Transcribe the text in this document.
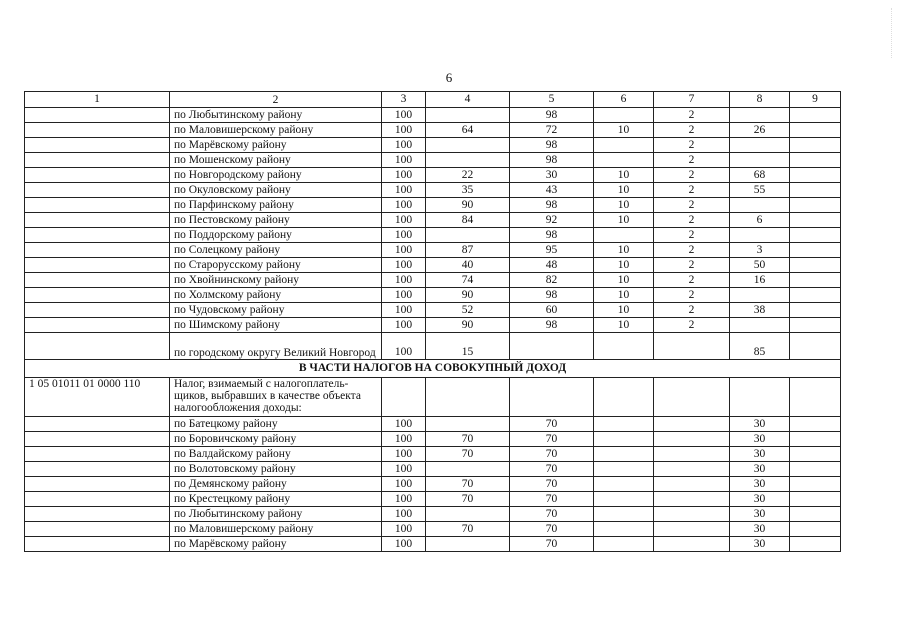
6
1	2	3	4	5	6	7	8	9
	по Любытинскому району	100		98		2		
	по Маловишерскому району	100	64	72	10	2	26	
	по Марёвскому району	100		98		2		
	по Мошенскому району	100		98		2		
	по Новгородскому району	100	22	30	10	2	68	
	по Окуловскому району	100	35	43	10	2	55	
	по Парфинскому району	100	90	98	10	2		
	по Пестовскому району	100	84	92	10	2	6	
	по Поддорскому району	100		98		2		
	по Солецкому району	100	87	95	10	2	3	
	по Старорусскому району	100	40	48	10	2	50	
	по Хвойнинскому району	100	74	82	10	2	16	
	по Холмскому району	100	90	98	10	2		
	по Чудовскому району	100	52	60	10	2	38	
	по Шимскому району	100	90	98	10	2		
	по городскому округу Великий Новгород	100	15				85	
В ЧАСТИ НАЛОГОВ НА СОВОКУПНЫЙ ДОХОД								
1 05 01011 01 0000 110	Налог, взимаемый с налогоплатель-щиков, выбравших в качестве объекта налогообложения доходы:							
	по Батецкому району	100		70			30	
	по Боровичскому району	100	70	70			30	
	по Валдайскому району	100	70	70			30	
	по Волотовскому району	100		70			30	
	по Демянскому району	100	70	70			30	
	по Крестецкому району	100	70	70			30	
	по Любытинскому району	100		70			30	
	по Маловишерскому району	100	70	70			30	
	по Марёвскому району	100		70			30	
